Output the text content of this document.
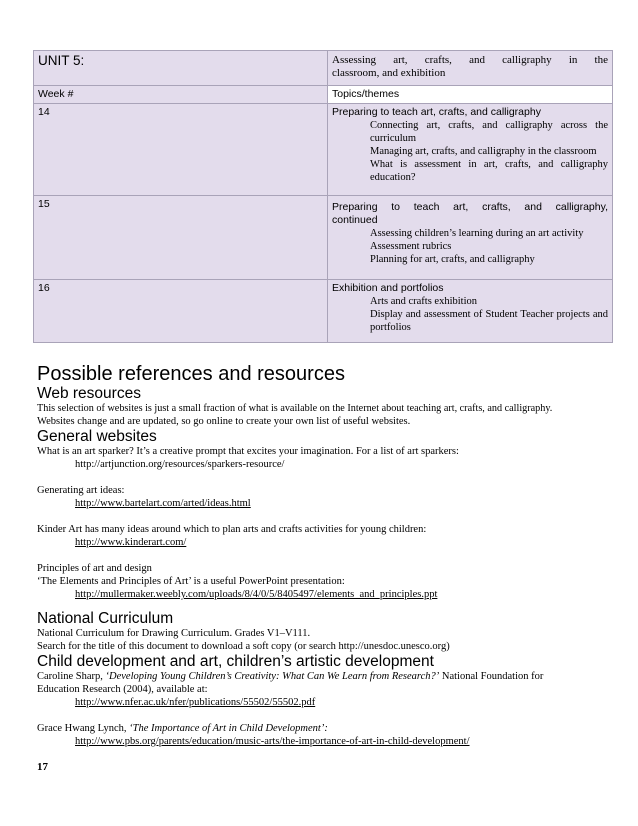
UNIT 5:	Assessing art, crafts, and calligraphy in the
classroom, and exhibition

Week #	Topics/themes
14	Preparing to teach art, crafts, and calligraphy
Connecting art, crafts, and calligraphy across the curriculum
Managing art, crafts, and calligraphy in the classroom
What is assessment in art, crafts, and calligraphy education?

15	Preparing to teach art, crafts, and calligraphy,
continued
Assessing children’s learning during an art activity
Assessment rubrics
Planning for art, crafts, and calligraphy

16	Exhibition and portfolios
Arts and crafts exhibition
Display and assessment of Student Teacher projects and portfolios
Possible references and resources
Web resources
This selection of websites is just a small fraction of what is available on the Internet about teaching art, crafts, and calligraphy.
Websites change and are updated, so go online to create your own list of useful websites.
General websites
What is an art sparker? It’s a creative prompt that excites your imagination. For a list of art sparkers:
http://artjunction.org/resources/sparkers-resource/
Generating art ideas:
http://www.bartelart.com/arted/ideas.html
Kinder Art has many ideas around which to plan arts and crafts activities for young children:
http://www.kinderart.com/
Principles of art and design
‘The Elements and Principles of Art’ is a useful PowerPoint presentation:
http://mullermaker.weebly.com/uploads/8/4/0/5/8405497/elements_and_principles.ppt
National Curriculum
National Curriculum for Drawing Curriculum. Grades V1–V111.
Search for the title of this document to download a soft copy (or search http://unesdoc.unesco.org)
Child development and art, children’s artistic development
Caroline Sharp, ‘Developing Young Children’s Creativity: What Can We Learn from Research?’ National Foundation for
Education Research (2004), available at:
http://www.nfer.ac.uk/nfer/publications/55502/55502.pdf
Grace Hwang Lynch, ‘The Importance of Art in Child Development’:
http://www.pbs.org/parents/education/music-arts/the-importance-of-art-in-child-development/
17
